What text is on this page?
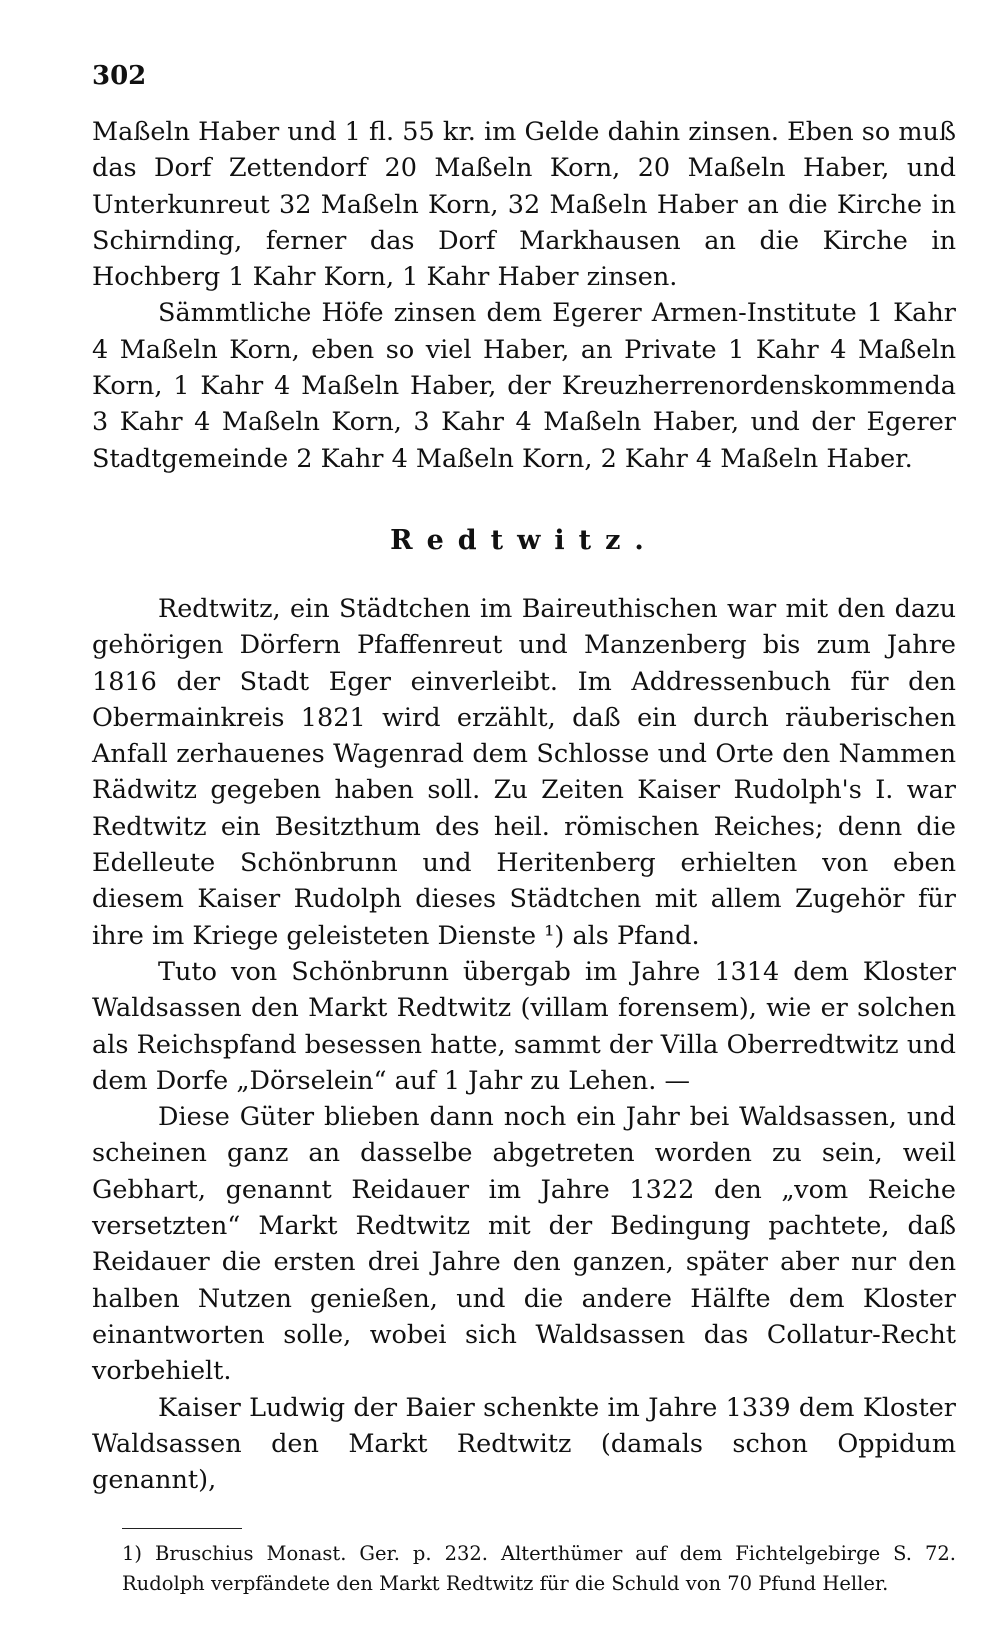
302

Maßeln Haber und 1 fl. 55 kr. im Gelde dahin zinsen. Eben so muß das Dorf Zettendorf 20 Maßeln Korn, 20 Maßeln Haber, und Unterkunreut 32 Maßeln Korn, 32 Maßeln Haber an die Kirche in Schirnding, ferner das Dorf Markhausen an die Kirche in Hochberg 1 Kahr Korn, 1 Kahr Haber zinsen.

Sämmtliche Höfe zinsen dem Egerer Armen-Institute 1 Kahr 4 Maßeln Korn, eben so viel Haber, an Private 1 Kahr 4 Maßeln Korn, 1 Kahr 4 Maßeln Haber, der Kreuzherrenordenskommenda 3 Kahr 4 Maßeln Korn, 3 Kahr 4 Maßeln Haber, und der Egerer Stadtgemeinde 2 Kahr 4 Maßeln Korn, 2 Kahr 4 Maßeln Haber.

Redtwitz.

Redtwitz, ein Städtchen im Baireuthischen war mit den dazu gehörigen Dörfern Pfaffenreut und Manzenberg bis zum Jahre 1816 der Stadt Eger einverleibt. Im Addressenbuch für den Obermainkreis 1821 wird erzählt, daß ein durch räuberischen Anfall zerhauenes Wagenrad dem Schlosse und Orte den Nammen Rädwitz gegeben haben soll. Zu Zeiten Kaiser Rudolph's I. war Redtwitz ein Besitzthum des heil. römischen Reiches; denn die Edelleute Schönbrunn und Heritenberg erhielten von eben diesem Kaiser Rudolph dieses Städtchen mit allem Zugehör für ihre im Kriege geleisteten Dienste ¹) als Pfand.

Tuto von Schönbrunn übergab im Jahre 1314 dem Kloster Waldsassen den Markt Redtwitz (villam forensem), wie er solchen als Reichspfand besessen hatte, sammt der Villa Oberredtwitz und dem Dorfe „Dörselein“ auf 1 Jahr zu Lehen. —

Diese Güter blieben dann noch ein Jahr bei Waldsassen, und scheinen ganz an dasselbe abgetreten worden zu sein, weil Gebhart, genannt Reidauer im Jahre 1322 den „vom Reiche versetzten“ Markt Redtwitz mit der Bedingung pachtete, daß Reidauer die ersten drei Jahre den ganzen, später aber nur den halben Nutzen genießen, und die andere Hälfte dem Kloster einantworten solle, wobei sich Waldsassen das Collatur-Recht vorbehielt.

Kaiser Ludwig der Baier schenkte im Jahre 1339 dem Kloster Waldsassen den Markt Redtwitz (damals schon Oppidum genannt),

1) Bruschius Monast. Ger. p. 232. Alterthümer auf dem Fichtelgebirge S. 72. Rudolph verpfändete den Markt Redtwitz für die Schuld von 70 Pfund Heller.
